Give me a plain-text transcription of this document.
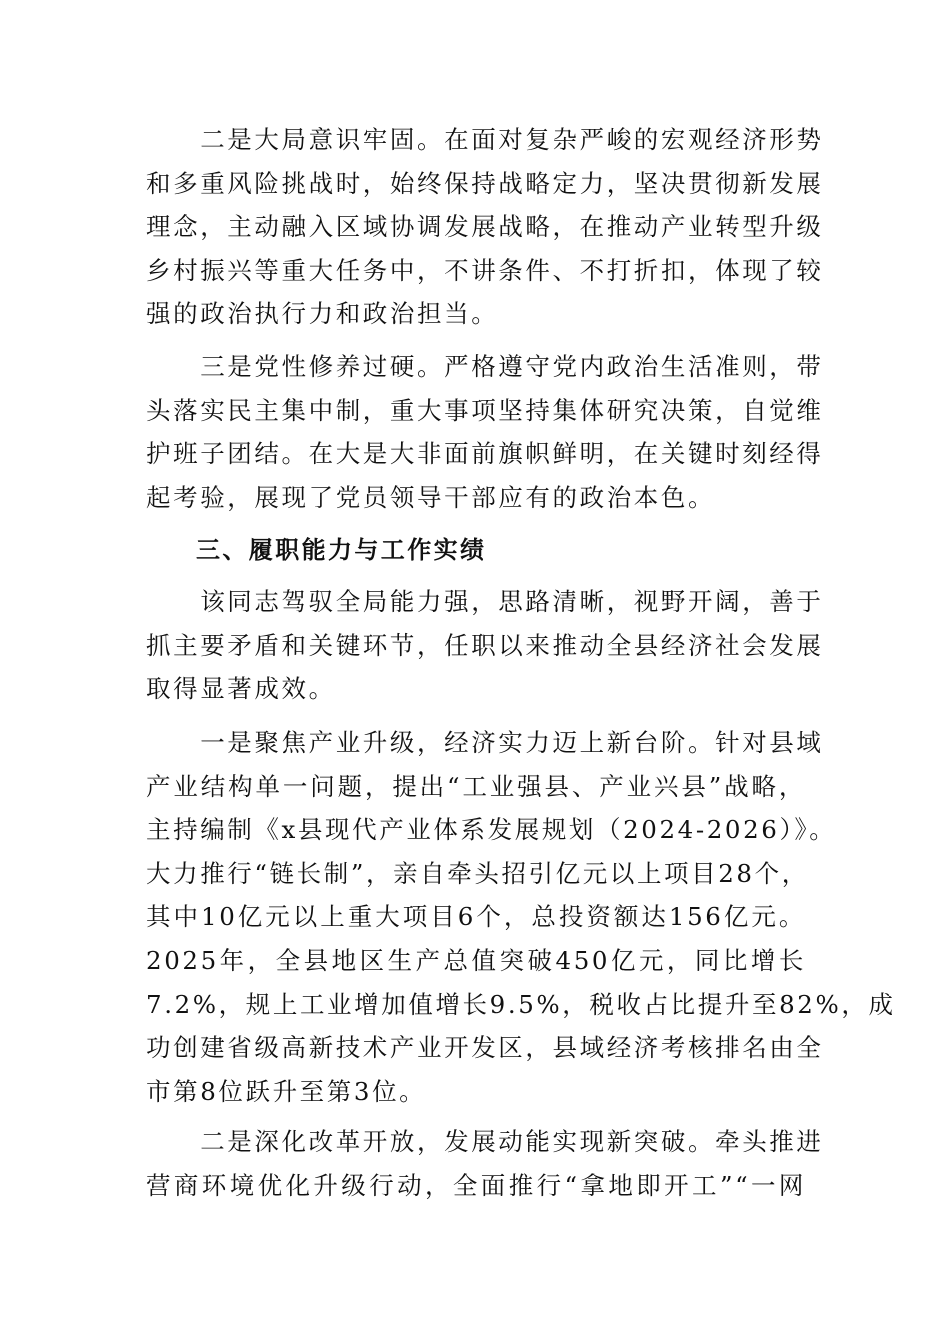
　　二是大局意识牢固。在面对复杂严峻的宏观经济形势
和多重风险挑战时，始终保持战略定力，坚决贯彻新发展
理念，主动融入区域协调发展战略，在推动产业转型升级
乡村振兴等重大任务中，不讲条件、不打折扣，体现了较
强的政治执行力和政治担当。

　　三是党性修养过硬。严格遵守党内政治生活准则，带
头落实民主集中制，重大事项坚持集体研究决策，自觉维
护班子团结。在大是大非面前旗帜鲜明，在关键时刻经得
起考验，展现了党员领导干部应有的政治本色。

三、履职能力与工作实绩

　　该同志驾驭全局能力强，思路清晰，视野开阔，善于
抓主要矛盾和关键环节，任职以来推动全县经济社会发展
取得显著成效。

　　一是聚焦产业升级，经济实力迈上新台阶。针对县域
产业结构单一问题，提出“工业强县、产业兴县”战略，
主持编制《x县现代产业体系发展规划（2024-2026）》。
大力推行“链长制”，亲自牵头招引亿元以上项目28个，
其中10亿元以上重大项目6个，总投资额达156亿元。
2025年，全县地区生产总值突破450亿元，同比增长
7.2%，规上工业增加值增长9.5%，税收占比提升至82%，成
功创建省级高新技术产业开发区，县域经济考核排名由全
市第8位跃升至第3位。

　　二是深化改革开放，发展动能实现新突破。牵头推进
营商环境优化升级行动，全面推行“拿地即开工”“一网
